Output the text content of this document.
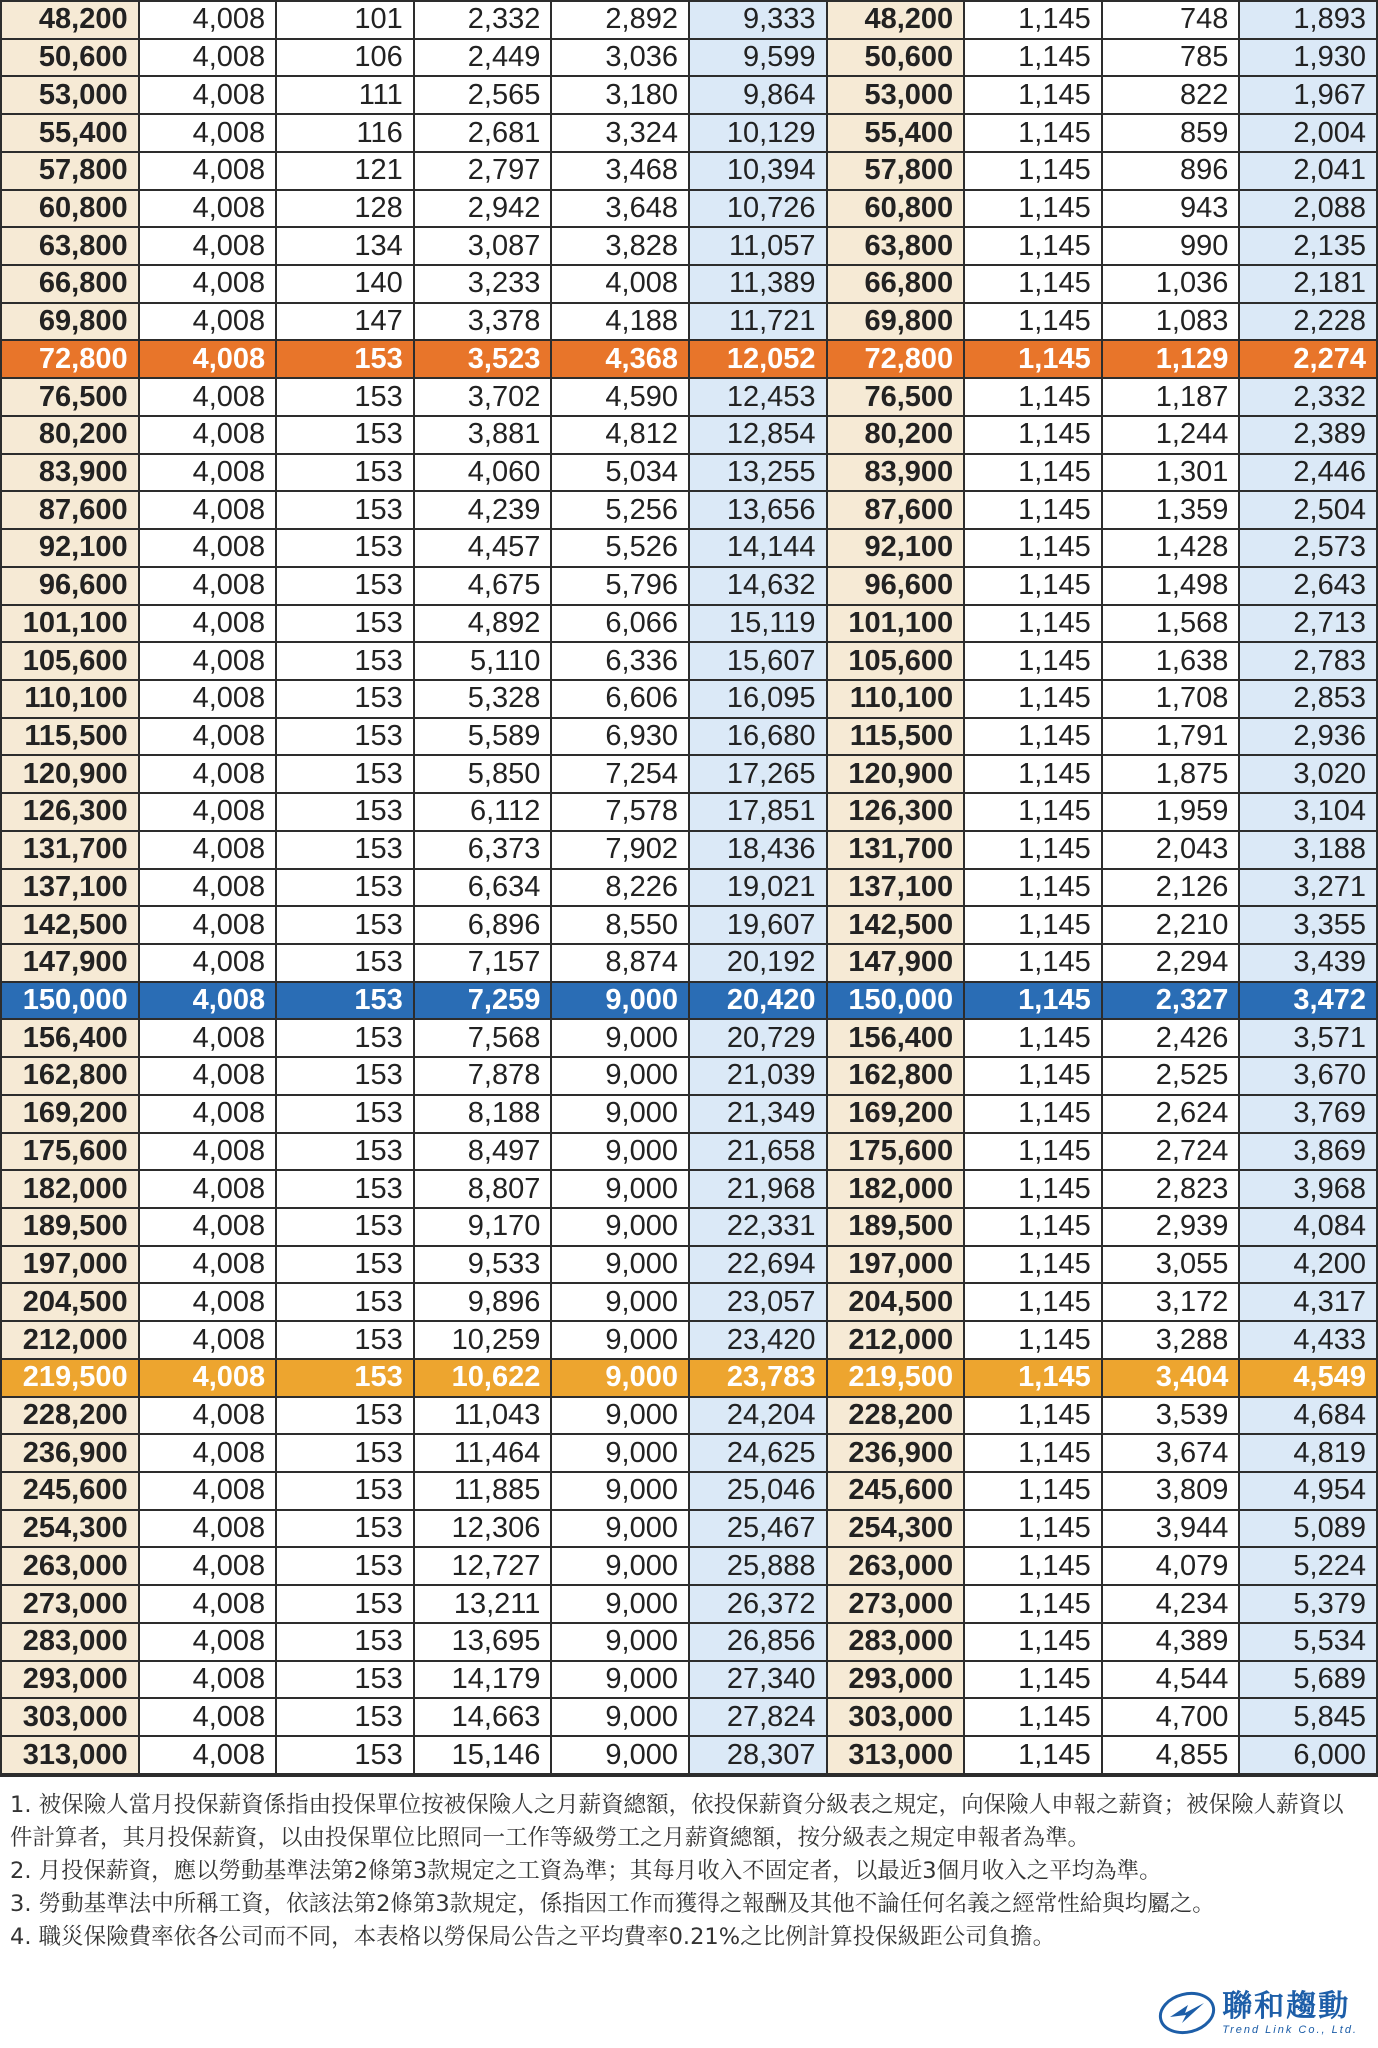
48,200	4,008	101	2,332	2,892	9,333	48,200	1,145	748	1,893
50,600	4,008	106	2,449	3,036	9,599	50,600	1,145	785	1,930
53,000	4,008	111	2,565	3,180	9,864	53,000	1,145	822	1,967
55,400	4,008	116	2,681	3,324	10,129	55,400	1,145	859	2,004
57,800	4,008	121	2,797	3,468	10,394	57,800	1,145	896	2,041
60,800	4,008	128	2,942	3,648	10,726	60,800	1,145	943	2,088
63,800	4,008	134	3,087	3,828	11,057	63,800	1,145	990	2,135
66,800	4,008	140	3,233	4,008	11,389	66,800	1,145	1,036	2,181
69,800	4,008	147	3,378	4,188	11,721	69,800	1,145	1,083	2,228
72,800	4,008	153	3,523	4,368	12,052	72,800	1,145	1,129	2,274
76,500	4,008	153	3,702	4,590	12,453	76,500	1,145	1,187	2,332
80,200	4,008	153	3,881	4,812	12,854	80,200	1,145	1,244	2,389
83,900	4,008	153	4,060	5,034	13,255	83,900	1,145	1,301	2,446
87,600	4,008	153	4,239	5,256	13,656	87,600	1,145	1,359	2,504
92,100	4,008	153	4,457	5,526	14,144	92,100	1,145	1,428	2,573
96,600	4,008	153	4,675	5,796	14,632	96,600	1,145	1,498	2,643
101,100	4,008	153	4,892	6,066	15,119	101,100	1,145	1,568	2,713
105,600	4,008	153	5,110	6,336	15,607	105,600	1,145	1,638	2,783
110,100	4,008	153	5,328	6,606	16,095	110,100	1,145	1,708	2,853
115,500	4,008	153	5,589	6,930	16,680	115,500	1,145	1,791	2,936
120,900	4,008	153	5,850	7,254	17,265	120,900	1,145	1,875	3,020
126,300	4,008	153	6,112	7,578	17,851	126,300	1,145	1,959	3,104
131,700	4,008	153	6,373	7,902	18,436	131,700	1,145	2,043	3,188
137,100	4,008	153	6,634	8,226	19,021	137,100	1,145	2,126	3,271
142,500	4,008	153	6,896	8,550	19,607	142,500	1,145	2,210	3,355
147,900	4,008	153	7,157	8,874	20,192	147,900	1,145	2,294	3,439
150,000	4,008	153	7,259	9,000	20,420	150,000	1,145	2,327	3,472
156,400	4,008	153	7,568	9,000	20,729	156,400	1,145	2,426	3,571
162,800	4,008	153	7,878	9,000	21,039	162,800	1,145	2,525	3,670
169,200	4,008	153	8,188	9,000	21,349	169,200	1,145	2,624	3,769
175,600	4,008	153	8,497	9,000	21,658	175,600	1,145	2,724	3,869
182,000	4,008	153	8,807	9,000	21,968	182,000	1,145	2,823	3,968
189,500	4,008	153	9,170	9,000	22,331	189,500	1,145	2,939	4,084
197,000	4,008	153	9,533	9,000	22,694	197,000	1,145	3,055	4,200
204,500	4,008	153	9,896	9,000	23,057	204,500	1,145	3,172	4,317
212,000	4,008	153	10,259	9,000	23,420	212,000	1,145	3,288	4,433
219,500	4,008	153	10,622	9,000	23,783	219,500	1,145	3,404	4,549
228,200	4,008	153	11,043	9,000	24,204	228,200	1,145	3,539	4,684
236,900	4,008	153	11,464	9,000	24,625	236,900	1,145	3,674	4,819
245,600	4,008	153	11,885	9,000	25,046	245,600	1,145	3,809	4,954
254,300	4,008	153	12,306	9,000	25,467	254,300	1,145	3,944	5,089
263,000	4,008	153	12,727	9,000	25,888	263,000	1,145	4,079	5,224
273,000	4,008	153	13,211	9,000	26,372	273,000	1,145	4,234	5,379
283,000	4,008	153	13,695	9,000	26,856	283,000	1,145	4,389	5,534
293,000	4,008	153	14,179	9,000	27,340	293,000	1,145	4,544	5,689
303,000	4,008	153	14,663	9,000	27,824	303,000	1,145	4,700	5,845
313,000	4,008	153	15,146	9,000	28,307	313,000	1,145	4,855	6,000

1. 被保險人當月投保薪資係指由投保單位按被保險人之月薪資總額，依投保薪資分級表之規定，向保險人申報之薪資；被保險人薪資以件計算者，其月投保薪資，以由投保單位比照同一工作等級勞工之月薪資總額，按分級表之規定申報者為準。

2. 月投保薪資，應以勞動基準法第2條第3款規定之工資為準；其每月收入不固定者，以最近3個月收入之平均為準。

3. 勞動基準法中所稱工資，依該法第2條第3款規定，係指因工作而獲得之報酬及其他不論任何名義之經常性給與均屬之。

4. 職災保險費率依各公司而不同，本表格以勞保局公告之平均費率0.21%之比例計算投保級距公司負擔。

聯和趨動
Trend Link Co., Ltd.
